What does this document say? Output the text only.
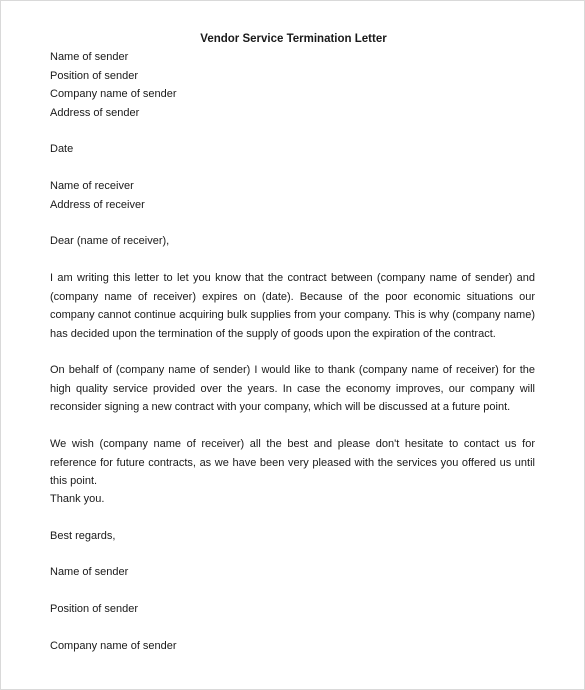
Vendor Service Termination Letter
Name of sender
Position of sender
Company name of sender
Address of sender
Date
Name of receiver
Address of receiver
Dear (name of receiver),
I am writing this letter to let you know that the contract between (company name of sender) and (company name of receiver) expires on (date). Because of the poor economic situations our company cannot continue acquiring bulk supplies from your company. This is why (company name) has decided upon the termination of the supply of goods upon the expiration of the contract.
On behalf of (company name of sender) I would like to thank (company name of receiver) for the high quality service provided over the years. In case the economy improves, our company will reconsider signing a new contract with your company, which will be discussed at a future point.
We wish (company name of receiver) all the best and please don't hesitate to contact us for reference for future contracts, as we have been very pleased with the services you offered us until this point.
Thank you.
Best regards,
Name of sender
Position of sender
Company name of sender
